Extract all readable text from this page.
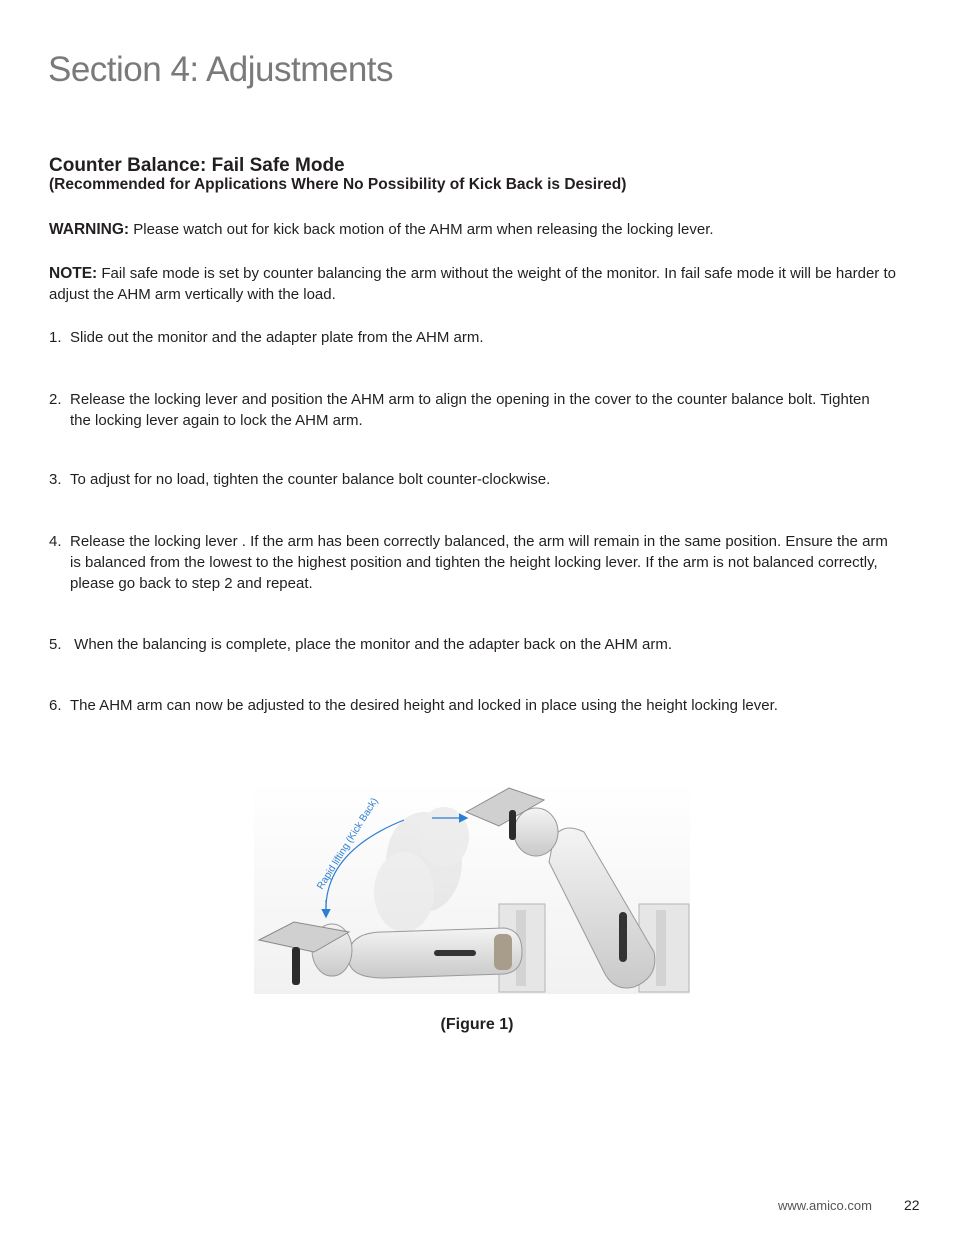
Section 4: Adjustments
Counter Balance: Fail Safe Mode
(Recommended for Applications Where No Possibility of Kick Back is Desired)

WARNING: Please watch out for kick back motion of the AHM arm when releasing the locking lever.

NOTE: Fail safe mode is set by counter balancing the arm without the weight of the monitor. In fail safe mode it will be harder to adjust the AHM arm vertically with the load.

1. Slide out the monitor and the adapter plate from the AHM arm.
2. Release the locking lever and position the AHM arm to align the opening in the cover to the counter balance bolt. Tighten the locking lever again to lock the AHM arm.
3. To adjust for no load, tighten the counter balance bolt counter-clockwise.
4. Release the locking lever . If the arm has been correctly balanced, the arm will remain in the same position. Ensure the arm is balanced from the lowest to the highest position and tighten the height locking lever. If the arm is not balanced correctly, please go back to step 2 and repeat.
5. When the balancing is complete, place the monitor and the adapter back on the AHM arm.
6. The AHM arm can now be adjusted to the desired height and locked in place using the height locking lever.
Rapid lifting (Kick Back)

(Figure 1)

www.amico.com 22
